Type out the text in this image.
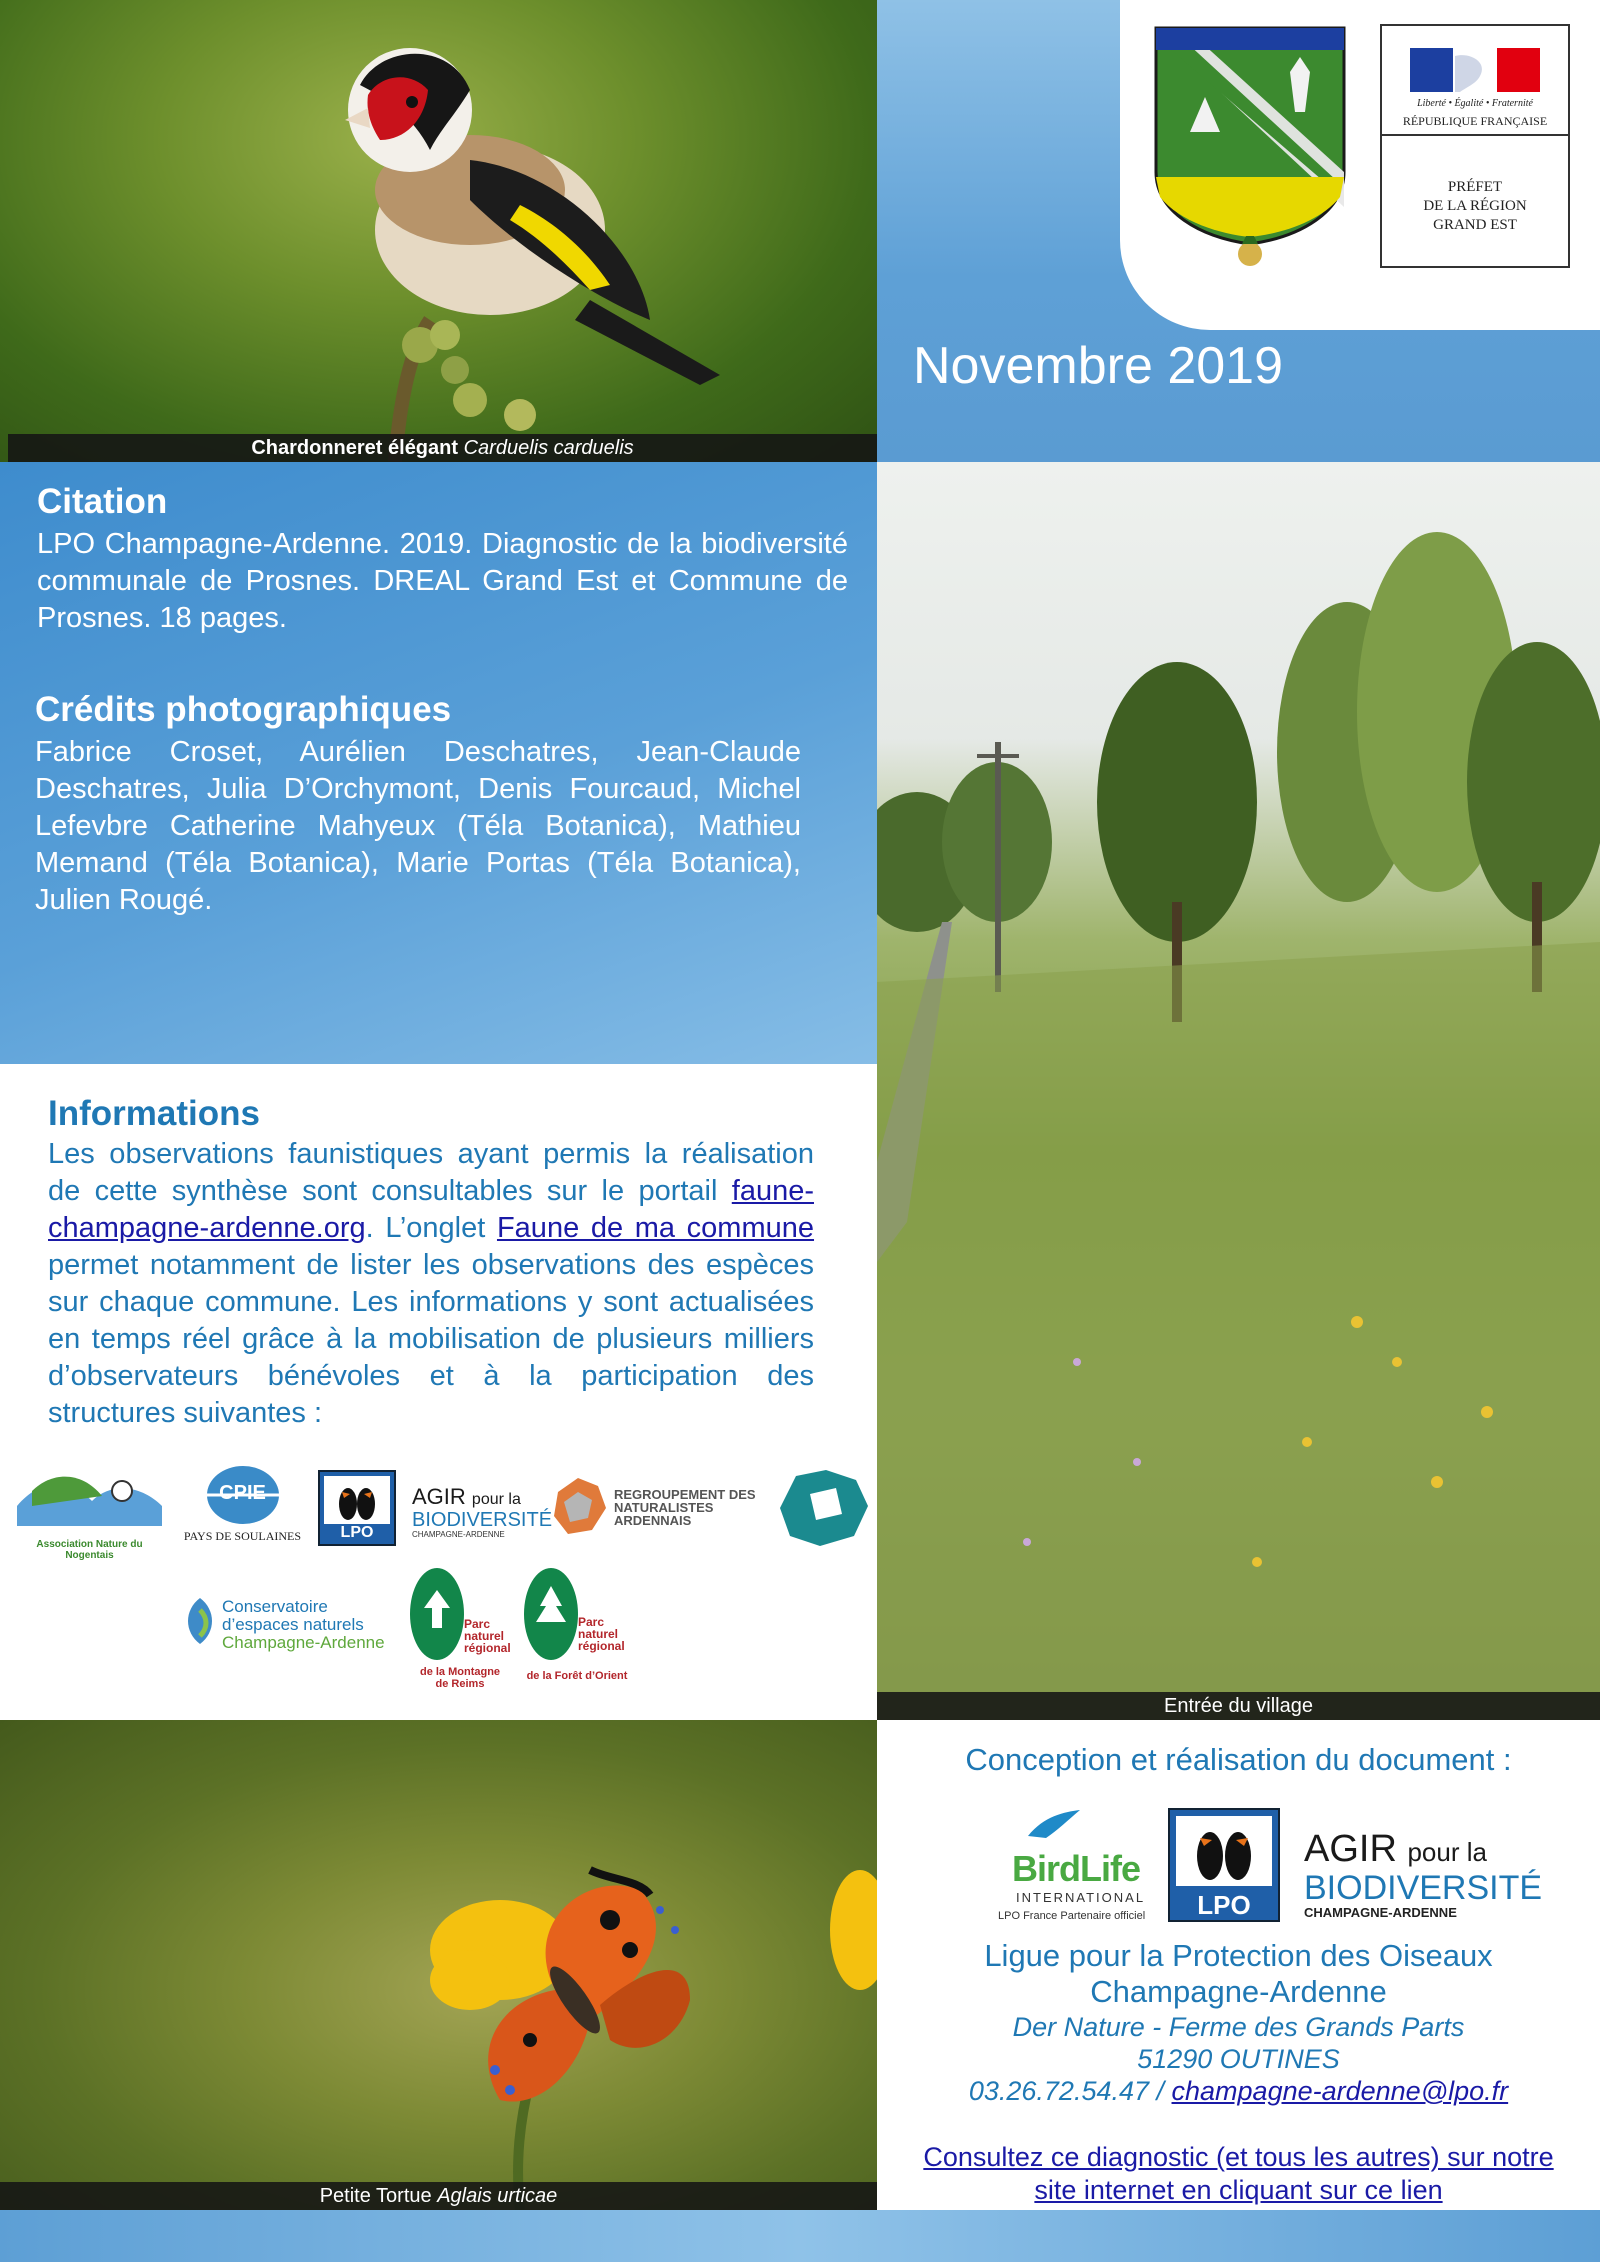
Chardonneret élégant Carduelis carduelis
Liberté • Égalité • Fraternité
RÉPUBLIQUE FRANÇAISE
PRÉFET
DE LA RÉGION
GRAND EST
Novembre 2019
Citation
LPO Champagne-Ardenne. 2019. Diagnostic de la biodiversité communale de Prosnes. DREAL Grand Est et Commune de Prosnes. 18 pages.
Crédits photographiques
Fabrice Croset, Aurélien Deschatres, Jean-Claude Deschatres, Julia D’Orchymont, Denis Fourcaud, Michel Lefevbre Catherine Mahyeux (Téla Botanica), Mathieu Memand (Téla Botanica), Marie Portas (Téla Botanica), Julien Rougé.
Entrée du village
Informations
Les observations faunistiques ayant permis la réalisation de cette synthèse sont consultables sur le portail faune-champagne-ardenne.org. L’onglet Faune de ma commune permet notamment de lister les observations des espèces sur chaque commune. Les informations y sont actualisées en temps réel grâce à la mobilisation de plusieurs milliers d’observateurs bénévoles et à la participation des structures suivantes :
Association Nature du Nogentais
CPIE
PAYS DE SOULAINES	LPO
AGIR pour la
BIODIVERSITÉ
CHAMPAGNE-ARDENNE
REGROUPEMENT DES
NATURALISTES
ARDENNAIS
Conservatoire
d’espaces naturels
Champagne-Ardenne
Parc
naturel
régional
de la Montagne
de Reims
Parc
naturel
régional
de la Forêt d’Orient
Petite Tortue Aglais urticae
Conception et réalisation du document :
BirdLife
INTERNATIONAL
LPO France Partenaire officiel	LPO
AGIR pour la
BIODIVERSITÉ
CHAMPAGNE-ARDENNE
Ligue pour la Protection des Oiseaux
Champagne-Ardenne
Der Nature - Ferme des Grands Parts
51290 OUTINES
03.26.72.54.47 / champagne-ardenne@lpo.fr
Consultez ce diagnostic (et tous les autres) sur notre
site internet en cliquant sur ce lien
